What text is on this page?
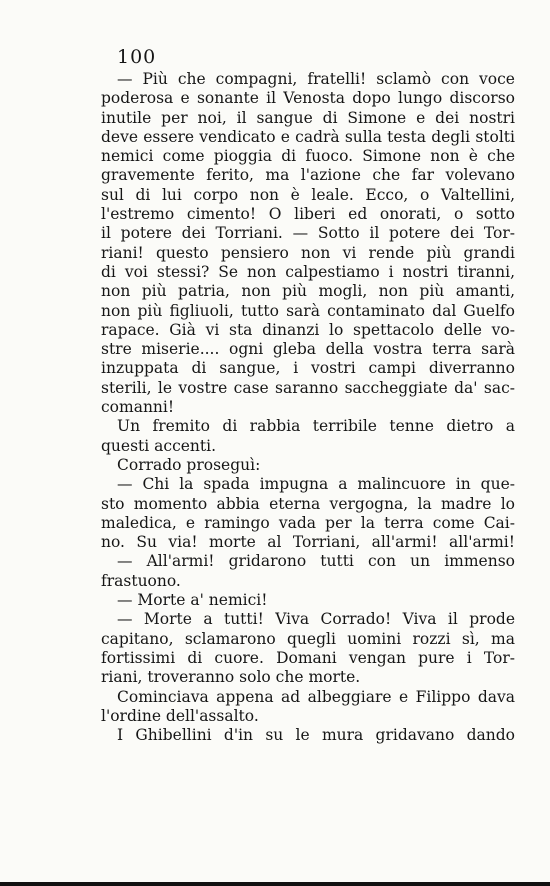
100
— Più che compagni, fratelli! sclamò con voce
poderosa e sonante il Venosta dopo lungo discorso
inutile per noi, il sangue di Simone e dei nostri
deve essere vendicato e cadrà sulla testa degli stolti
nemici come pioggia di fuoco. Simone non è che
gravemente ferito, ma l'azione che far volevano
sul di lui corpo non è leale. Ecco, o Valtellini,
l'estremo cimento! O liberi ed onorati, o sotto
il potere dei Torriani. — Sotto il potere dei Tor-
riani! questo pensiero non vi rende più grandi
di voi stessi? Se non calpestiamo i nostri tiranni,
non più patria, non più mogli, non più amanti,
non più figliuoli, tutto sarà contaminato dal Guelfo
rapace. Già vi sta dinanzi lo spettacolo delle vo-
stre miserie.... ogni gleba della vostra terra sarà
inzuppata di sangue, i vostri campi diverranno
sterili, le vostre case saranno saccheggiate da' sac-
comanni!
Un fremito di rabbia terribile tenne dietro a
questi accenti.
Corrado proseguì:
— Chi la spada impugna a malincuore in que-
sto momento abbia eterna vergogna, la madre lo
maledica, e ramingo vada per la terra come Cai-
no. Su via! morte al Torriani, all'armi! all'armi!
— All'armi! gridarono tutti con un immenso
frastuono.
— Morte a' nemici!
— Morte a tutti! Viva Corrado! Viva il prode
capitano, sclamarono quegli uomini rozzi sì, ma
fortissimi di cuore. Domani vengan pure i Tor-
riani, troveranno solo che morte.
Cominciava appena ad albeggiare e Filippo dava
l'ordine dell'assalto.
I Ghibellini d'in su le mura gridavano dando
